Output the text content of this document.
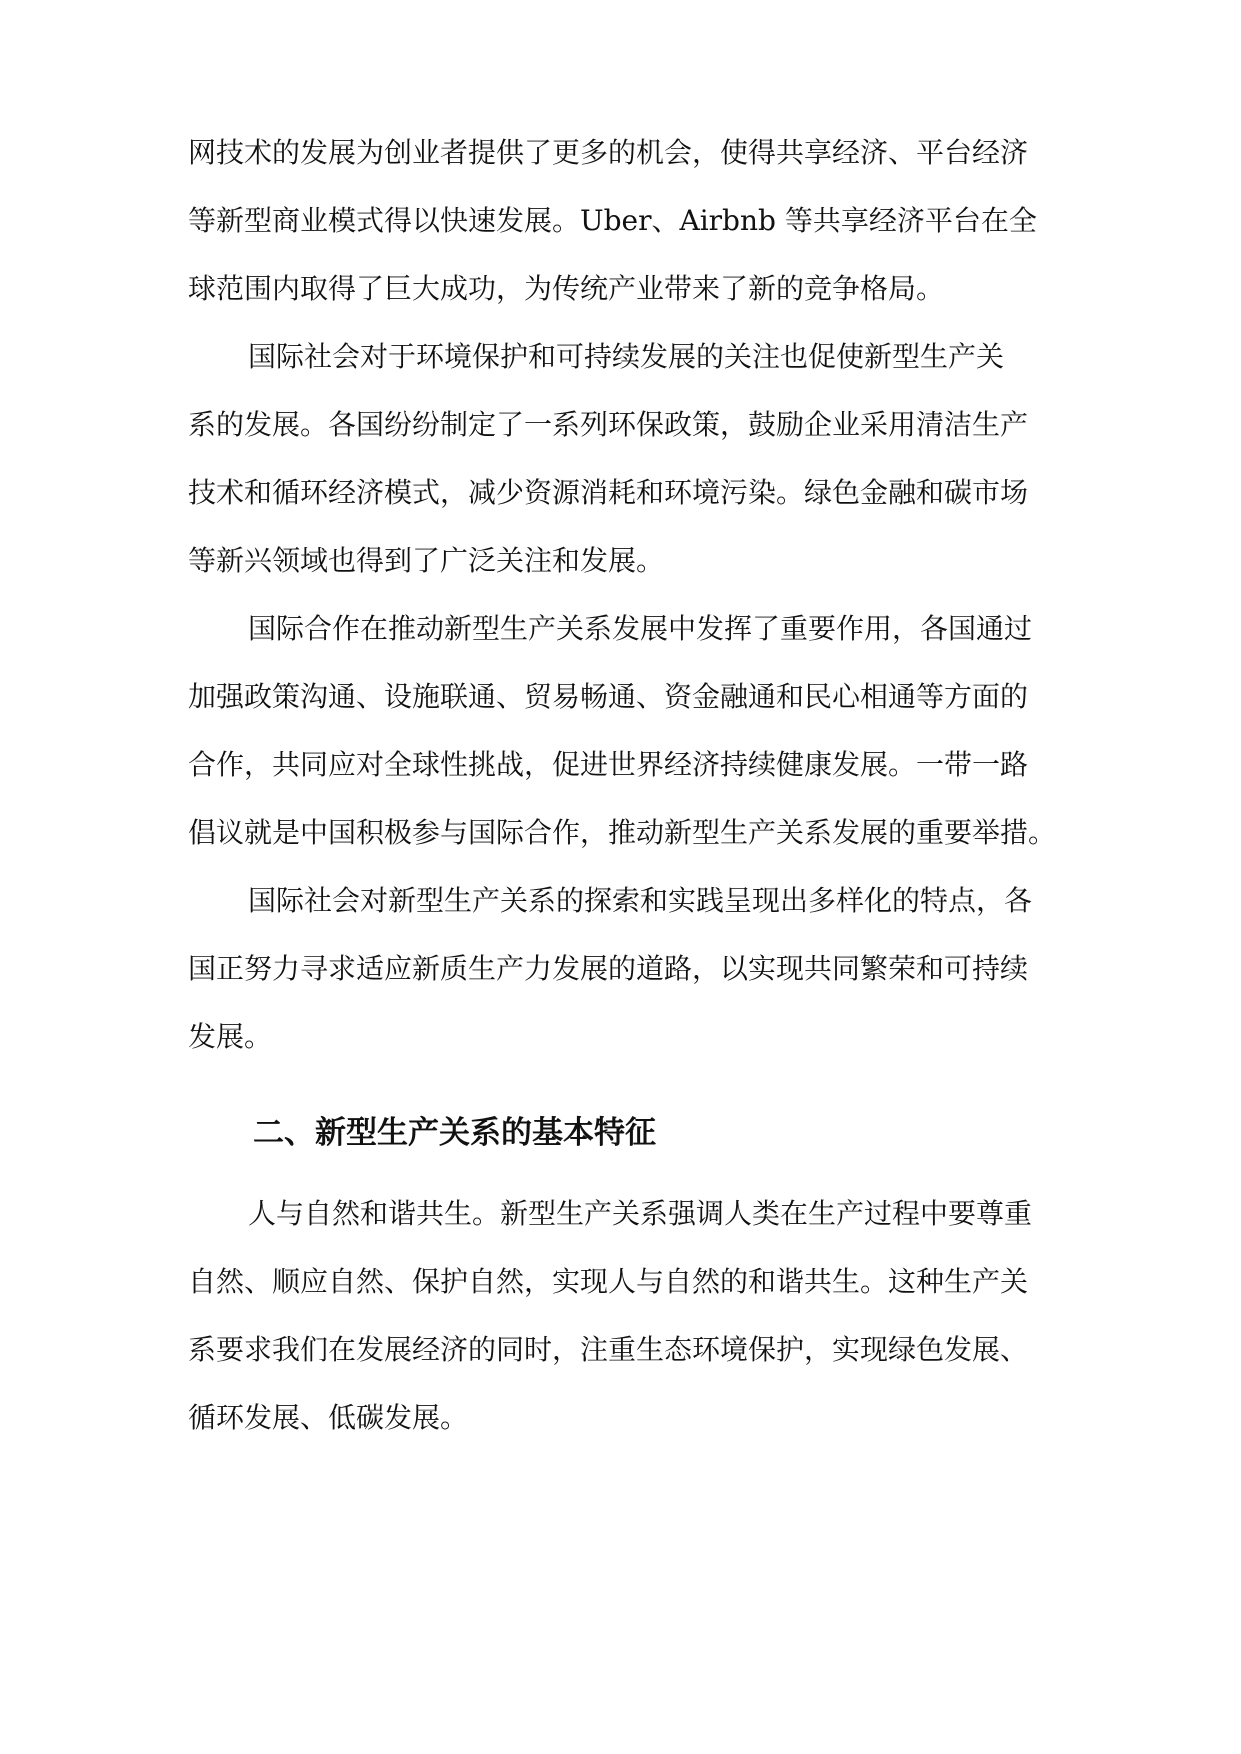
网技术的发展为创业者提供了更多的机会，使得共享经济、平台经济

等新型商业模式得以快速发展。Uber、Airbnb 等共享经济平台在全

球范围内取得了巨大成功，为传统产业带来了新的竞争格局。

国际社会对于环境保护和可持续发展的关注也促使新型生产关

系的发展。各国纷纷制定了一系列环保政策，鼓励企业采用清洁生产

技术和循环经济模式，减少资源消耗和环境污染。绿色金融和碳市场

等新兴领域也得到了广泛关注和发展。

国际合作在推动新型生产关系发展中发挥了重要作用，各国通过

加强政策沟通、设施联通、贸易畅通、资金融通和民心相通等方面的

合作，共同应对全球性挑战，促进世界经济持续健康发展。一带一路

倡议就是中国积极参与国际合作，推动新型生产关系发展的重要举措。

国际社会对新型生产关系的探索和实践呈现出多样化的特点，各

国正努力寻求适应新质生产力发展的道路，以实现共同繁荣和可持续

发展。

二、新型生产关系的基本特征

人与自然和谐共生。新型生产关系强调人类在生产过程中要尊重

自然、顺应自然、保护自然，实现人与自然的和谐共生。这种生产关

系要求我们在发展经济的同时，注重生态环境保护，实现绿色发展、

循环发展、低碳发展。
